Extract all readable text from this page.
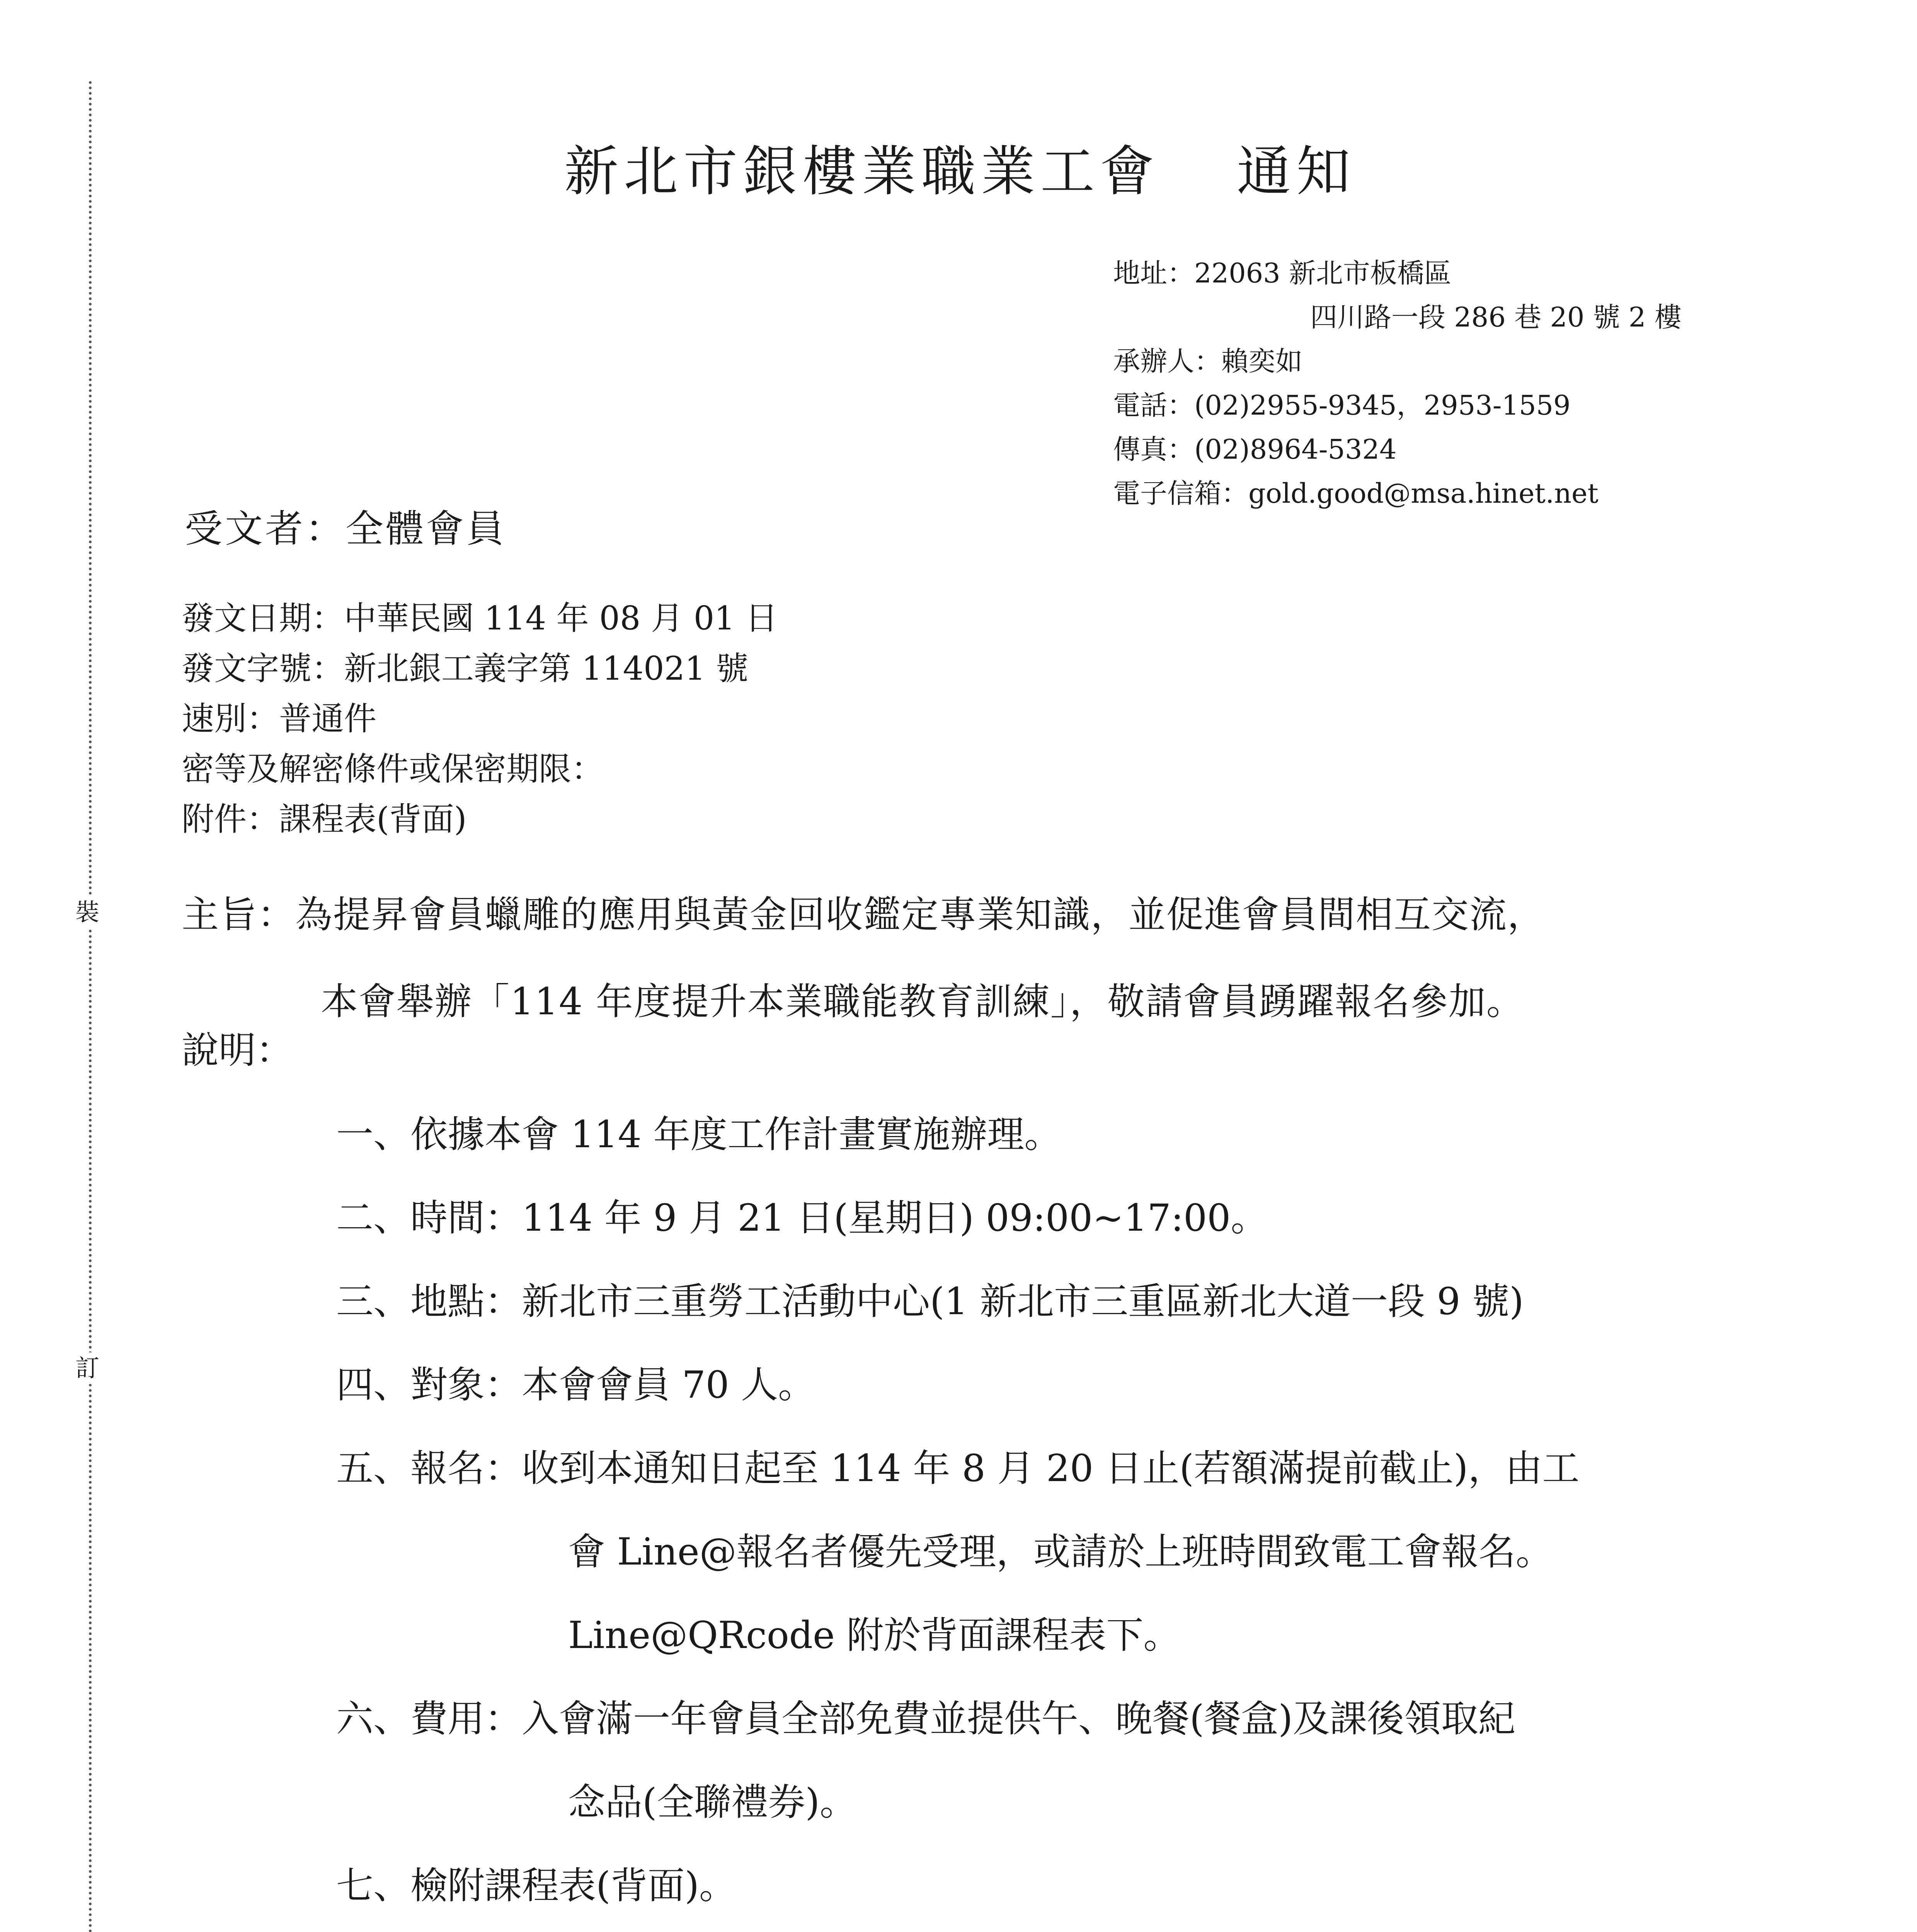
裝
訂
新北市銀樓業職業工會 通知
地址：22063 新北市板橋區
四川路一段 286 巷 20 號 2 樓
承辦人：賴奕如
電話：(02)2955-9345，2953-1559
傳真：(02)8964-5324
電子信箱：gold.good@msa.hinet.net
受文者：全體會員
發文日期：中華民國 114 年 08 月 01 日
發文字號：新北銀工義字第 114021 號
速別：普通件
密等及解密條件或保密期限：
附件：課程表(背面)
主旨：為提昇會員蠟雕的應用與黃金回收鑑定專業知識，並促進會員間相互交流，
本會舉辦「114 年度提升本業職能教育訓練」，敬請會員踴躍報名參加。
說明：
一、依據本會 114 年度工作計畫實施辦理。
二、時間：114 年 9 月 21 日(星期日) 09:00~17:00。
三、地點：新北市三重勞工活動中心(1 新北市三重區新北大道一段 9 號)
四、對象：本會會員 70 人。
五、報名：收到本通知日起至 114 年 8 月 20 日止(若額滿提前截止)，由工
會 Line@報名者優先受理，或請於上班時間致電工會報名。
Line@QRcode 附於背面課程表下。
六、費用：入會滿一年會員全部免費並提供午、晚餐(餐盒)及課後領取紀
念品(全聯禮券)。
七、檢附課程表(背面)。
